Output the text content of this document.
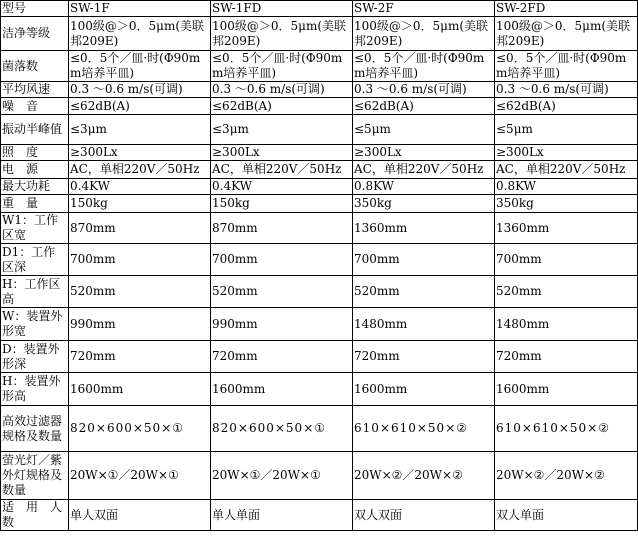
型号	SW-1F	SW-1FD	SW-2F	SW-2FD
洁净等级	100级@＞0．5μm(美联邦209E)	100级@＞0．5μm(美联邦209E)	100级@＞0．5μm(美联邦209E)	100级@＞0．5μm(美联邦209E)
菌落数	≤0．5个／皿·时(Φ90mm培养平皿)	≤0．5个／皿·时(Φ90mm培养平皿)	≤0．5个／皿·时(Φ90mm培养平皿)	≤0．5个／皿·时(Φ90mm培养平皿)
平均风速	0.3 ～0.6 m/s(可调)	0.3 ～0.6 m/s(可调)	0.3 ～0.6 m/s(可调)	0.3 ～0.6 m/s(可调)
噪　音	≤62dB(A)	≤62dB(A)	≤62dB(A)	≤62dB(A)
振动半峰值	≤3μm	≤3μm	≤5μm	≤5μm
照　度	≥300Lx	≥300Lx	≥300Lx	≥300Lx
电　源	AC，单相220V／50Hz	AC，单相220V／50Hz	AC，单相220V／50Hz	AC，单相220V／50Hz
最大功耗	0.4KW	0.4KW	0.8KW	0.8KW
重　量	150kg	150kg	350kg	350kg
W1：工作区宽	870mm	870mm	1360mm	1360mm
D1：工作区深	700mm	700mm	700mm	700mm
H：工作区高	520mm	520mm	520mm	520mm
W：装置外形宽	990mm	990mm	1480mm	1480mm
D：装置外形深	720mm	720mm	720mm	720mm
H：装置外形高	1600mm	1600mm	1600mm	1600mm
高效过滤器规格及数量	820×600×50×①	820×600×50×①	610×610×50×②	610×610×50×②
萤光灯／紫外灯规格及数量	20W×①／20W×①	20W×①／20W×①	20W×②／20W×②	20W×②／20W×②
适　用　人数	单人双面	单人单面	双人双面	双人单面
